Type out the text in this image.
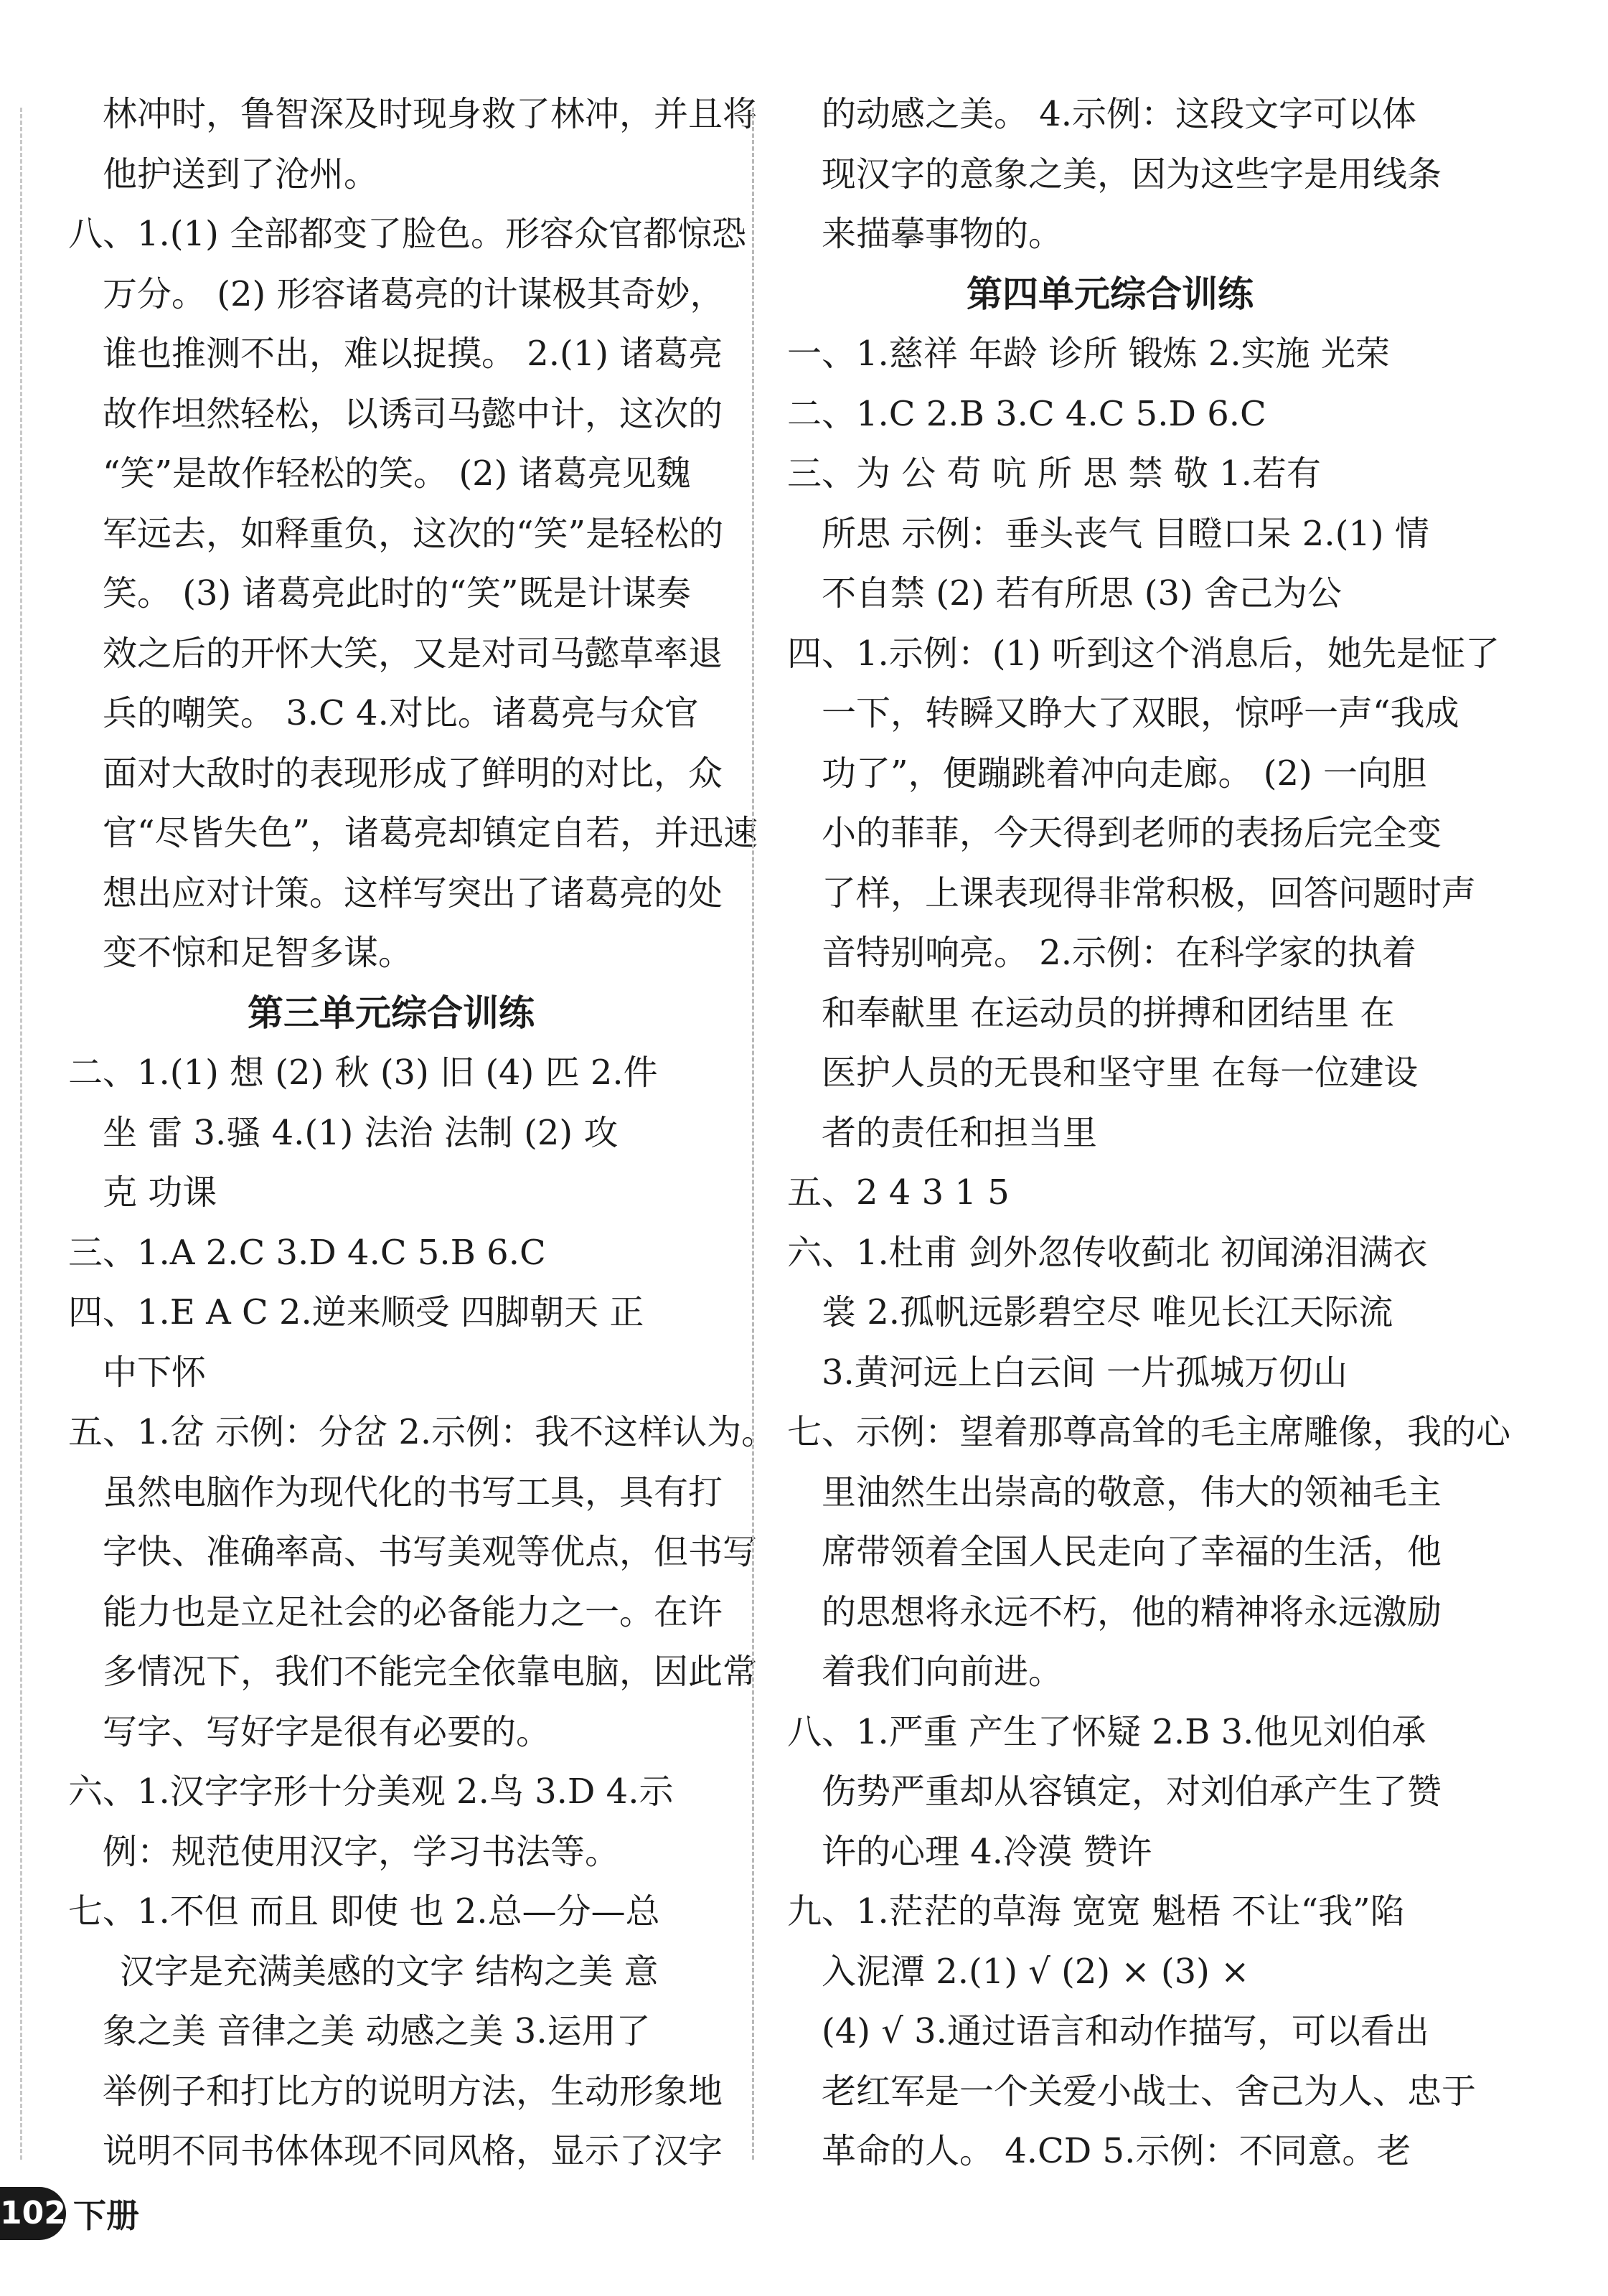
林冲时，鲁智深及时现身救了林冲，并且将
他护送到了沧州。
八、1.(1) 全部都变了脸色。形容众官都惊恐
万分。 (2) 形容诸葛亮的计谋极其奇妙，
谁也推测不出，难以捉摸。 2.(1) 诸葛亮
故作坦然轻松，以诱司马懿中计，这次的
“笑”是故作轻松的笑。 (2) 诸葛亮见魏
军远去，如释重负，这次的“笑”是轻松的
笑。 (3) 诸葛亮此时的“笑”既是计谋奏
效之后的开怀大笑，又是对司马懿草率退
兵的嘲笑。 3.C 4.对比。诸葛亮与众官
面对大敌时的表现形成了鲜明的对比，众
官“尽皆失色”，诸葛亮却镇定自若，并迅速
想出应对计策。这样写突出了诸葛亮的处
变不惊和足智多谋。
第三单元综合训练
二、1.(1) 想 (2) 秋 (3) 旧 (4) 匹 2.件
坐 雷 3.骚 4.(1) 法治 法制 (2) 攻
克 功课
三、1.A 2.C 3.D 4.C 5.B 6.C
四、1.E A C 2.逆来顺受 四脚朝天 正
中下怀
五、1.岔 示例：分岔 2.示例：我不这样认为。
虽然电脑作为现代化的书写工具，具有打
字快、准确率高、书写美观等优点，但书写
能力也是立足社会的必备能力之一。在许
多情况下，我们不能完全依靠电脑，因此常
写字、写好字是很有必要的。
六、1.汉字字形十分美观 2.鸟 3.D 4.示
例：规范使用汉字，学习书法等。
七、1.不但 而且 即使 也 2.总—分—总
汉字是充满美感的文字 结构之美 意
象之美 音律之美 动感之美 3.运用了
举例子和打比方的说明方法，生动形象地
说明不同书体体现不同风格，显示了汉字
的动感之美。 4.示例：这段文字可以体
现汉字的意象之美，因为这些字是用线条
来描摹事物的。
第四单元综合训练
一、1.慈祥 年龄 诊所 锻炼 2.实施 光荣
二、1.C 2.B 3.C 4.C 5.D 6.C
三、为 公 苟 吭 所 思 禁 敬 1.若有
所思 示例：垂头丧气 目瞪口呆 2.(1) 情
不自禁 (2) 若有所思 (3) 舍己为公
四、1.示例：(1) 听到这个消息后，她先是怔了
一下，转瞬又睁大了双眼，惊呼一声“我成
功了”，便蹦跳着冲向走廊。 (2) 一向胆
小的菲菲，今天得到老师的表扬后完全变
了样，上课表现得非常积极，回答问题时声
音特别响亮。 2.示例：在科学家的执着
和奉献里 在运动员的拼搏和团结里 在
医护人员的无畏和坚守里 在每一位建设
者的责任和担当里
五、2 4 3 1 5
六、1.杜甫 剑外忽传收蓟北 初闻涕泪满衣
裳 2.孤帆远影碧空尽 唯见长江天际流
3.黄河远上白云间 一片孤城万仞山
七、示例：望着那尊高耸的毛主席雕像，我的心
里油然生出崇高的敬意，伟大的领袖毛主
席带领着全国人民走向了幸福的生活，他
的思想将永远不朽，他的精神将永远激励
着我们向前进。
八、1.严重 产生了怀疑 2.B 3.他见刘伯承
伤势严重却从容镇定，对刘伯承产生了赞
许的心理 4.冷漠 赞许
九、1.茫茫的草海 宽宽 魁梧 不让“我”陷
入泥潭 2.(1) √ (2) × (3) ×
(4) √ 3.通过语言和动作描写，可以看出
老红军是一个关爱小战士、舍己为人、忠于
革命的人。 4.CD 5.示例：不同意。老
102 下册
